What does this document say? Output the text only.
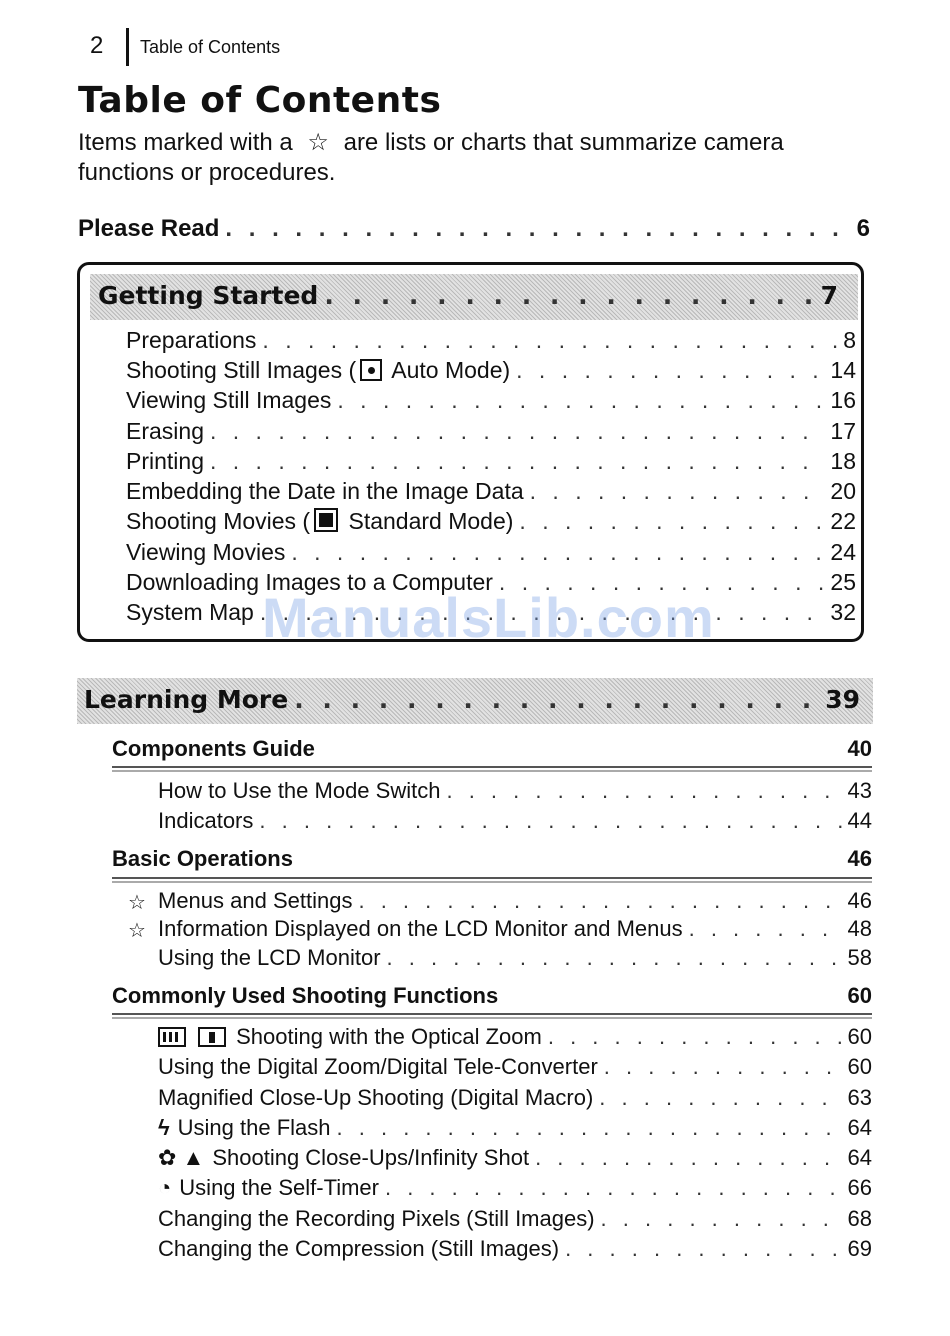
2 Table of Contents
Table of Contents

Items marked with a ☆ are lists or charts that summarize camera functions or procedures.

Please Read . . .	6
Getting Started . . .	7
Preparations . . .	8
Shooting Still Images ( Auto Mode) . . .	14
Viewing Still Images . . .	16
Erasing . . .	17
Printing . . .	18
Embedding the Date in the Image Data . . .	20
Shooting Movies ( Standard Mode) . . .	22
Viewing Movies . . .	24
Downloading Images to a Computer . . .	25
System Map . . .	32
Learning More . . .	39
Components Guide	40
How to Use the Mode Switch . . .	43
Indicators . . .	44
Basic Operations	46
☆ Menus and Settings . . .	46
☆ Information Displayed on the LCD Monitor and Menus . . .	48
Using the LCD Monitor . . .	58
Commonly Used Shooting Functions	60
Shooting with the Optical Zoom . . .	60
Using the Digital Zoom/Digital Tele-Converter . . .	60
Magnified Close-Up Shooting (Digital Macro) . . .	63
ϟ Using the Flash . . .	64
✿ ▲ Shooting Close-Ups/Infinity Shot . . .	64
◔ Using the Self-Timer . . .	66
Changing the Recording Pixels (Still Images) . . .	68
Changing the Compression (Still Images) . . .	69
ManualsLib.com
